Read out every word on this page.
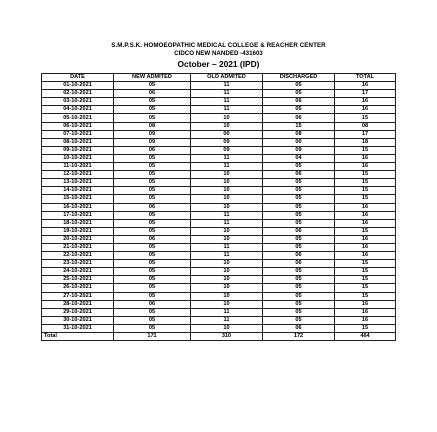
S.M.P.S.K. HOMOEOPATHIC MEDICAL COLLEGE & REACHER CENTER
CIDCO NEW NANDED -431603
October – 2021 (IPD)
DATE	NEW ADMITED	OLD ADMITED	DISCHARGED	TOTAL
01-10-2021	05	11	05	16
02-10-2021	06	11	05	17
03-10-2021	05	11	06	16
04-10-2021	05	11	05	16
05-10-2021	05	10	06	15
06-10-2021	08	10	15	08
07-10-2021	09	00	08	17
08-10-2021	09	09	00	18
09-10-2021	06	09	09	15
10-10-2021	05	11	04	16
11-10-2021	05	11	05	16
12-10-2021	05	10	06	15
13-10-2021	05	10	05	15
14-10-2021	05	10	05	15
15-10-2021	05	10	05	15
16-10-2021	06	10	05	16
17-10-2021	05	11	05	16
18-10-2021	05	11	05	16
19-10-2021	05	10	06	15
20-10-2021	06	10	05	16
21-10-2021	05	11	05	16
22-10-2021	05	11	06	16
23-10-2021	05	10	06	15
24-10-2021	05	10	05	15
25-10-2021	05	10	05	15
26-10-2021	05	10	05	15
27-10-2021	05	10	05	15
28-10-2021	06	10	05	16
29-10-2021	05	11	05	16
30-10-2021	05	11	05	16
31-10-2021	05	10	06	15
Total	171	310	172	464
